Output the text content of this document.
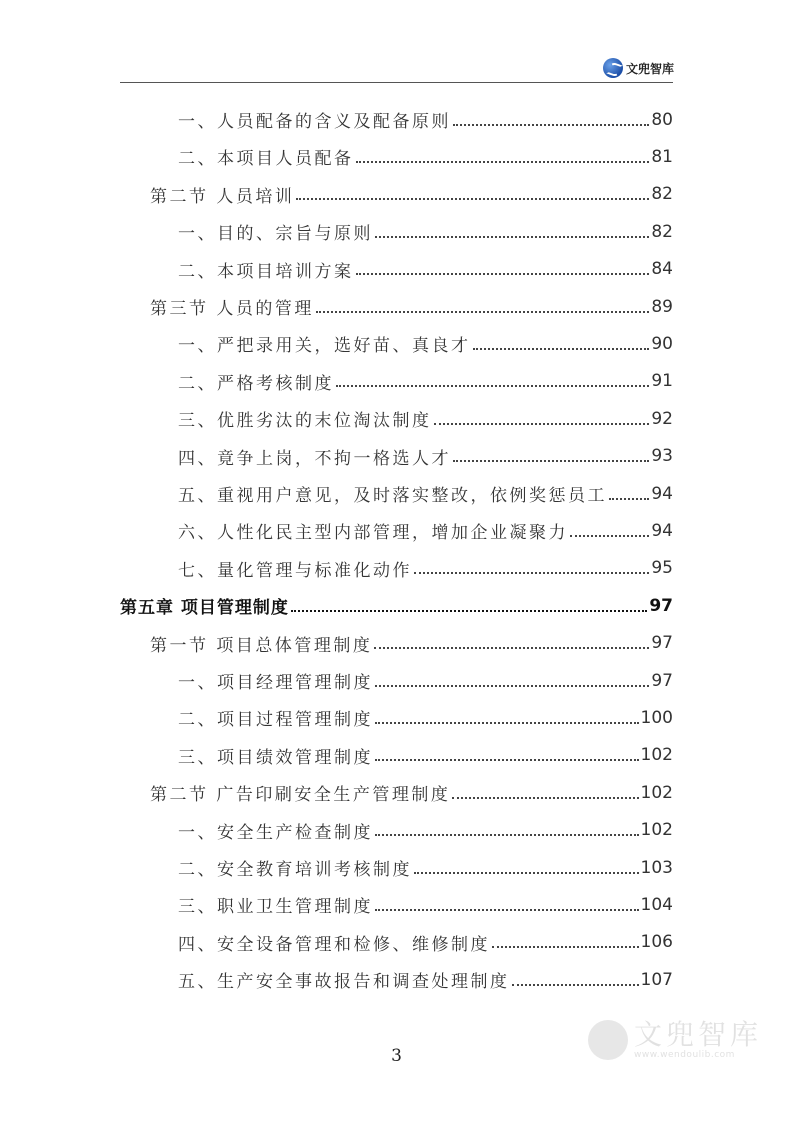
文兜智库
一、人员配备的含义及配备原则	80
二、本项目人员配备	81
第二节 人员培训	82
一、目的、宗旨与原则	82
二、本项目培训方案	84
第三节 人员的管理	89
一、严把录用关，选好苗、真良才	90
二、严格考核制度	91
三、优胜劣汰的末位淘汰制度	92
四、竟争上岗，不拘一格选人才	93
五、重视用户意见，及时落实整改，依例奖惩员工	94
六、人性化民主型内部管理，增加企业凝聚力	94
七、量化管理与标准化动作	95
第五章 项目管理制度	97
第一节 项目总体管理制度	97
一、项目经理管理制度	97
二、项目过程管理制度	100
三、项目绩效管理制度	102
第二节 广告印刷安全生产管理制度	102
一、安全生产检查制度	102
二、安全教育培训考核制度	103
三、职业卫生管理制度	104
四、安全设备管理和检修、维修制度	106
五、生产安全事故报告和调查处理制度	107
3
文兜智库
www.wendoulib.com
